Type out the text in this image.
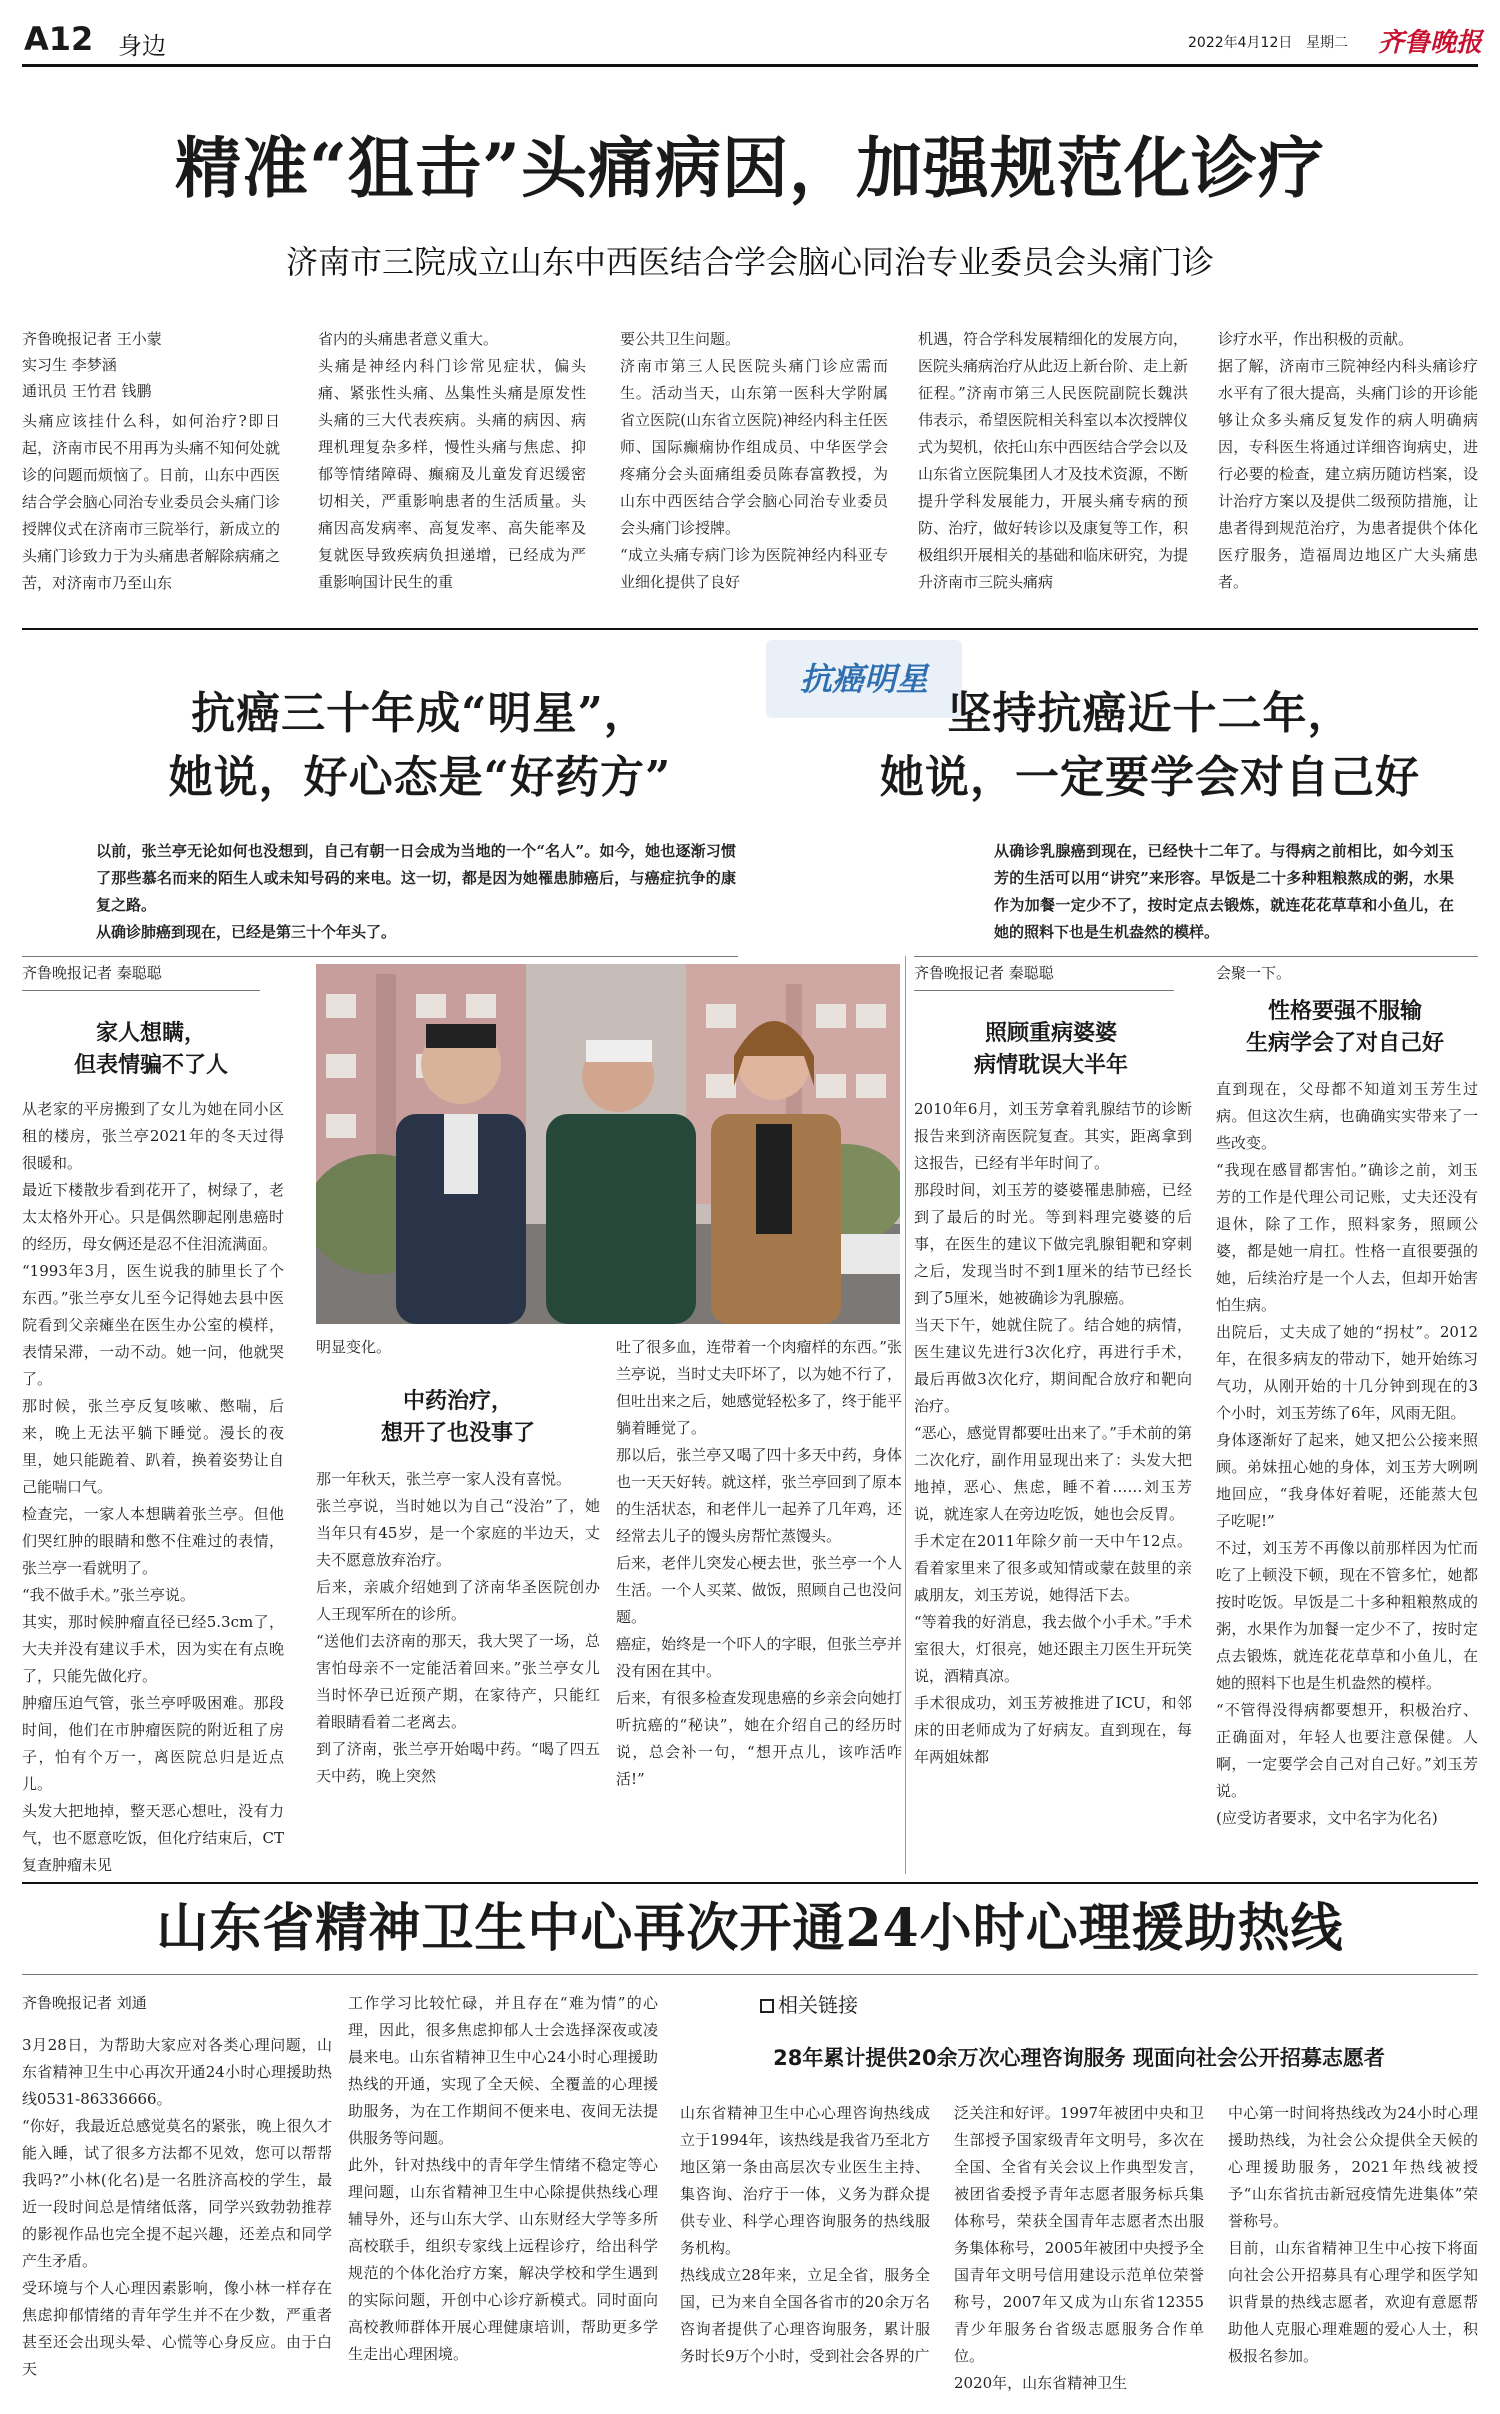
A12 身边	2022年4月12日 星期二 齐鲁晚报
精准“狙击”头痛病因，加强规范化诊疗
济南市三院成立山东中西医结合学会脑心同治专业委员会头痛门诊
齐鲁晚报记者 王小蒙
实习生 李梦涵
通讯员 王竹君 钱鹏
头痛应该挂什么科，如何治疗?即日起，济南市民不用再为头痛不知何处就诊的问题而烦恼了。日前，山东中西医结合学会脑心同治专业委员会头痛门诊授牌仪式在济南市三院举行，新成立的头痛门诊致力于为头痛患者解除病痛之苦，对济南市乃至山东
省内的头痛患者意义重大。
头痛是神经内科门诊常见症状，偏头痛、紧张性头痛、丛集性头痛是原发性头痛的三大代表疾病。头痛的病因、病理机理复杂多样，慢性头痛与焦虑、抑郁等情绪障碍、癫痫及儿童发育迟缓密切相关，严重影响患者的生活质量。头痛因高发病率、高复发率、高失能率及复就医导致疾病负担递增，已经成为严重影响国计民生的重
要公共卫生问题。
济南市第三人民医院头痛门诊应需而生。活动当天，山东第一医科大学附属省立医院(山东省立医院)神经内科主任医师、国际癫痫协作组成员、中华医学会疼痛分会头面痛组委员陈春富教授，为山东中西医结合学会脑心同治专业委员会头痛门诊授牌。
“成立头痛专病门诊为医院神经内科亚专业细化提供了良好
机遇，符合学科发展精细化的发展方向，医院头痛病治疗从此迈上新台阶、走上新征程。”济南市第三人民医院副院长魏洪伟表示，希望医院相关科室以本次授牌仪式为契机，依托山东中西医结合学会以及山东省立医院集团人才及技术资源，不断提升学科发展能力，开展头痛专病的预防、治疗，做好转诊以及康复等工作，积极组织开展相关的基础和临床研究，为提升济南市三院头痛病
诊疗水平，作出积极的贡献。
据了解，济南市三院神经内科头痛诊疗水平有了很大提高，头痛门诊的开诊能够让众多头痛反复发作的病人明确病因，专科医生将通过详细咨询病史，进行必要的检查，建立病历随访档案，设计治疗方案以及提供二级预防措施，让患者得到规范治疗，为患者提供个体化医疗服务，造福周边地区广大头痛患者。
抗癌明星
抗癌三十年成“明星”，
她说，好心态是“好药方”
坚持抗癌近十二年，
她说，一定要学会对自己好
以前，张兰亭无论如何也没想到，自己有朝一日会成为当地的一个“名人”。如今，她也逐渐习惯了那些慕名而来的陌生人或未知号码的来电。这一切，都是因为她罹患肺癌后，与癌症抗争的康复之路。
从确诊肺癌到现在，已经是第三十个年头了。
从确诊乳腺癌到现在，已经快十二年了。与得病之前相比，如今刘玉芳的生活可以用“讲究”来形容。早饭是二十多种粗粮熬成的粥，水果作为加餐一定少不了，按时定点去锻炼，就连花花草草和小鱼儿，在她的照料下也是生机盎然的模样。
齐鲁晚报记者 秦聪聪
家人想瞒，
但表情骗不了人
从老家的平房搬到了女儿为她在同小区租的楼房，张兰亭2021年的冬天过得很暖和。
最近下楼散步看到花开了，树绿了，老太太格外开心。只是偶然聊起刚患癌时的经历，母女俩还是忍不住泪流满面。
“1993年3月，医生说我的肺里长了个东西。”张兰亭女儿至今记得她去县中医院看到父亲瘫坐在医生办公室的模样，表情呆滞，一动不动。她一问，他就哭了。
那时候，张兰亭反复咳嗽、憋喘，后来，晚上无法平躺下睡觉。漫长的夜里，她只能跪着、趴着，换着姿势让自己能喘口气。
检查完，一家人本想瞒着张兰亭。但他们哭红肿的眼睛和憋不住难过的表情，张兰亭一看就明了。
“我不做手术。”张兰亭说。
其实，那时候肿瘤直径已经5.3cm了，大夫并没有建议手术，因为实在有点晚了，只能先做化疗。
肿瘤压迫气管，张兰亭呼吸困难。那段时间，他们在市肿瘤医院的附近租了房子，怕有个万一，离医院总归是近点儿。
头发大把地掉，整天恶心想吐，没有力气，也不愿意吃饭，但化疗结束后，CT复查肿瘤未见
明显变化。
中药治疗，
想开了也没事了
那一年秋天，张兰亭一家人没有喜悦。
张兰亭说，当时她以为自己“没治”了，她当年只有45岁，是一个家庭的半边天，丈夫不愿意放弃治疗。
后来，亲戚介绍她到了济南华圣医院创办人王现军所在的诊所。
“送他们去济南的那天，我大哭了一场，总害怕母亲不一定能活着回来。”张兰亭女儿当时怀孕已近预产期，在家待产，只能红着眼睛看着二老离去。
到了济南，张兰亭开始喝中药。“喝了四五天中药，晚上突然
吐了很多血，连带着一个肉瘤样的东西。”张兰亭说，当时丈夫吓坏了，以为她不行了，但吐出来之后，她感觉轻松多了，终于能平躺着睡觉了。
那以后，张兰亭又喝了四十多天中药，身体也一天天好转。就这样，张兰亭回到了原本的生活状态，和老伴儿一起养了几年鸡，还经常去儿子的馒头房帮忙蒸馒头。
后来，老伴儿突发心梗去世，张兰亭一个人生活。一个人买菜、做饭，照顾自己也没问题。
癌症，始终是一个吓人的字眼，但张兰亭并没有困在其中。
后来，有很多检查发现患癌的乡亲会向她打听抗癌的“秘诀”，她在介绍自己的经历时说，总会补一句，“想开点儿，该咋活咋活!”
齐鲁晚报记者 秦聪聪
照顾重病婆婆
病情耽误大半年
2010年6月，刘玉芳拿着乳腺结节的诊断报告来到济南医院复查。其实，距离拿到这报告，已经有半年时间了。
那段时间，刘玉芳的婆婆罹患肺癌，已经到了最后的时光。等到料理完婆婆的后事，在医生的建议下做完乳腺钼靶和穿刺之后，发现当时不到1厘米的结节已经长到了5厘米，她被确诊为乳腺癌。
当天下午，她就住院了。结合她的病情，医生建议先进行3次化疗，再进行手术，最后再做3次化疗，期间配合放疗和靶向治疗。
“恶心，感觉胃都要吐出来了。”手术前的第二次化疗，副作用显现出来了：头发大把地掉，恶心、焦虑，睡不着……刘玉芳说，就连家人在旁边吃饭，她也会反胃。
手术定在2011年除夕前一天中午12点。看着家里来了很多或知情或蒙在鼓里的亲戚朋友，刘玉芳说，她得活下去。
“等着我的好消息，我去做个小手术。”手术室很大，灯很亮，她还跟主刀医生开玩笑说，酒精真凉。
手术很成功，刘玉芳被推进了ICU，和邻床的田老师成为了好病友。直到现在，每年两姐妹都
会聚一下。
性格要强不服输
生病学会了对自己好
直到现在，父母都不知道刘玉芳生过病。但这次生病，也确确实实带来了一些改变。
“我现在感冒都害怕。”确诊之前，刘玉芳的工作是代理公司记账，丈夫还没有退休，除了工作，照料家务，照顾公婆，都是她一肩扛。性格一直很要强的她，后续治疗是一个人去，但却开始害怕生病。
出院后，丈夫成了她的“拐杖”。2012年，在很多病友的带动下，她开始练习气功，从刚开始的十几分钟到现在的3个小时，刘玉芳练了6年，风雨无阻。
身体逐渐好了起来，她又把公公接来照顾。弟妹扭心她的身体，刘玉芳大咧咧地回应，“我身体好着呢，还能蒸大包子吃呢!”
不过，刘玉芳不再像以前那样因为忙而吃了上顿没下顿，现在不管多忙，她都按时吃饭。早饭是二十多种粗粮熬成的粥，水果作为加餐一定少不了，按时定点去锻炼，就连花花草草和小鱼儿，在她的照料下也是生机盎然的模样。
“不管得没得病都要想开，积极治疗、正确面对，年轻人也要注意保健。人啊，一定要学会自己对自己好。”刘玉芳说。
(应受访者要求，文中名字为化名)
山东省精神卫生中心再次开通24小时心理援助热线
齐鲁晚报记者 刘通
3月28日，为帮助大家应对各类心理问题，山东省精神卫生中心再次开通24小时心理援助热线0531-86336666。
“你好，我最近总感觉莫名的紧张，晚上很久才能入睡，试了很多方法都不见效，您可以帮帮我吗?”小林(化名)是一名胜济高校的学生，最近一段时间总是情绪低落，同学兴致勃勃推荐的影视作品也完全提不起兴趣，还差点和同学产生矛盾。
受环境与个人心理因素影响，像小林一样存在焦虑抑郁情绪的青年学生并不在少数，严重者甚至还会出现头晕、心慌等心身反应。由于白天
工作学习比较忙碌，并且存在“难为情”的心理，因此，很多焦虑抑郁人士会选择深夜或凌晨来电。山东省精神卫生中心24小时心理援助热线的开通，实现了全天候、全覆盖的心理援助服务，为在工作期间不便来电、夜间无法提供服务等问题。
此外，针对热线中的青年学生情绪不稳定等心理问题，山东省精神卫生中心除提供热线心理辅导外，还与山东大学、山东财经大学等多所高校联手，组织专家线上远程诊疗，给出科学规范的个体化治疗方案，解决学校和学生遇到的实际问题，开创中心诊疗新模式。同时面向高校教师群体开展心理健康培训，帮助更多学生走出心理困境。
相关链接
28年累计提供20余万次心理咨询服务 现面向社会公开招募志愿者
山东省精神卫生中心心理咨询热线成立于1994年，该热线是我省乃至北方地区第一条由高层次专业医生主持、集咨询、治疗于一体，义务为群众提供专业、科学心理咨询服务的热线服务机构。
热线成立28年来，立足全省，服务全国，已为来自全国各省市的20余万名咨询者提供了心理咨询服务，累计服务时长9万个小时，受到社会各界的广
泛关注和好评。1997年被团中央和卫生部授予国家级青年文明号，多次在全国、全省有关会议上作典型发言，被团省委授予青年志愿者服务标兵集体称号，荣获全国青年志愿者杰出服务集体称号，2005年被团中央授予全国青年文明号信用建设示范单位荣誉称号，2007年又成为山东省12355青少年服务台省级志愿服务合作单位。
2020年，山东省精神卫生
中心第一时间将热线改为24小时心理援助热线，为社会公众提供全天候的心理援助服务，2021年热线被授予“山东省抗击新冠疫情先进集体”荣誉称号。
目前，山东省精神卫生中心按下将面向社会公开招募具有心理学和医学知识背景的热线志愿者，欢迎有意愿帮助他人克服心理难题的爱心人士，积极报名参加。
